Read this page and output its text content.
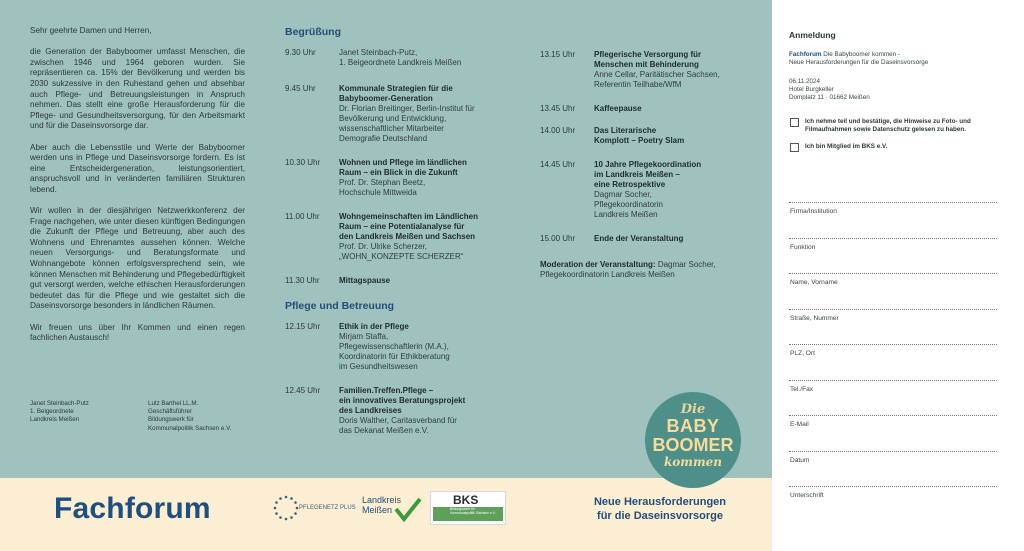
Sehr geehrte Damen und Herren,

die Generation der Babyboomer umfasst Menschen, die zwischen 1946 und 1964 geboren wurden. Sie repräsentieren ca. 15% der Bevölkerung und werden bis 2030 sukzessive in den Ruhestand gehen und absehbar auch Pflege- und Betreuungsleistungen in Anspruch nehmen. Das stellt eine große Herausforderung für die Pflege- und Gesundheitsversorgung, für den Arbeitsmarkt und für die Daseinsvorsorge dar.

Aber auch die Lebensstile und Werte der Babyboomer werden uns in Pflege und Daseinsvorsorge fordern. Es ist eine Entscheidergeneration, leistungsorientiert, anspruchsvoll und in veränderten familiären Strukturen lebend.

Wir wollen in der diesjährigen Netzwerkkonferenz der Frage nachgehen, wie unter diesen künftigen Bedingungen die Zukunft der Pflege und Betreuung, aber auch des Wohnens und Ehrenamtes aussehen können. Welche neuen Versorgungs- und Beratungsformate und Wohnangebote können erfolgsversprechend sein, wie können Menschen mit Behinderung und Pflegebedürftigkeit gut versorgt werden, welche ethischen Herausforderungen bedeutet das für die Pflege und wie gestaltet sich die Daseinsvorsorge besonders in ländlichen Räumen.

Wir freuen uns über Ihr Kommen und einen regen fachlichen Austausch!

Janet Steinbach-Putz
1. Beigeordnete
Landkreis Meißen
Lutz Barthel LL.M.
Geschäftsführer
Bildungswerk für
Kommunalpolitik Sachsen e.V.
Begrüßung
9.30 Uhr	Janet Steinbach-Putz,
1. Beigeordnete Landkreis Meißen
9.45 Uhr	Kommunale Strategien für die
Babyboomer-Generation
Dr. Florian Breitinger, Berlin-Institut für
Bevölkerung und Entwicklung,
wissenschaftlicher Mitarbeiter
Demografie Deutschland
10.30 Uhr	Wohnen und Pflege im ländlichen
Raum – ein Blick in die Zukunft
Prof. Dr. Stephan Beetz,
Hochschule Mittweida
11.00 Uhr	Wohngemeinschaften im Ländlichen
Raum – eine Potentialanalyse für
den Landkreis Meißen und Sachsen
Prof. Dr. Ulrike Scherzer,
„WOHN_KONZEPTE SCHERZER“
11.30 Uhr	Mittagspause
Pflege und Betreuung
12.15 Uhr	Ethik in der Pflege
Mirjam Staffa,
Pflegewissenschaftlerin (M.A.),
Koordinatorin für Ethikberatung
im Gesundheitswesen
12.45 Uhr	Familien.Treffen.Pflege –
ein innovatives Beratungsprojekt
des Landkreises
Doris Walther, Caritasverband für
das Dekanat Meißen e.V.
13.15 Uhr	Pflegerische Versorgung für
Menschen mit Behinderung
Anne Cellar, Paritätischer Sachsen,
Referentin Teilhabe/WfM
13.45 Uhr	Kaffeepause
14.00 Uhr	Das Literarische
Komplott – Poetry Slam
14.45 Uhr	10 Jahre Pflegekoordination
im Landkreis Meißen –
eine Retrospektive
Dagmar Socher,
Pflegekoordinatorin
Landkreis Meißen
15.00 Uhr	Ende der Veranstaltung
Moderation der Veranstaltung: Dagmar Socher,
Pflegekoordinatorin Landkreis Meißen
Die
BABY
BOOMER
kommen
Fachforum	PFLEGENETZ PLUS
Landkreis
Meißen
BKS
Bildungswerk für Kommunalpolitik Sachsen e.V.
Neue Herausforderungen
für die Daseinsvorsorge
Anmeldung
Fachforum Die Babyboomer kommen -
Neue Herausforderungen für die Daseinsvorsorge
06.11.2024
Hotel Burgkeller
Domplatz 11 · 01662 Meißen
Ich nehme teil und bestätige, die Hinweise zu Foto- und
Filmaufnahmen sowie Datenschutz gelesen zu haben.
Ich bin Mitglied im BKS e.V.
Firma/Institution
Funktion
Name, Vorname
Straße, Nummer
PLZ, Ort
Tel./Fax
E-Mail
Datum
Unterschrift
